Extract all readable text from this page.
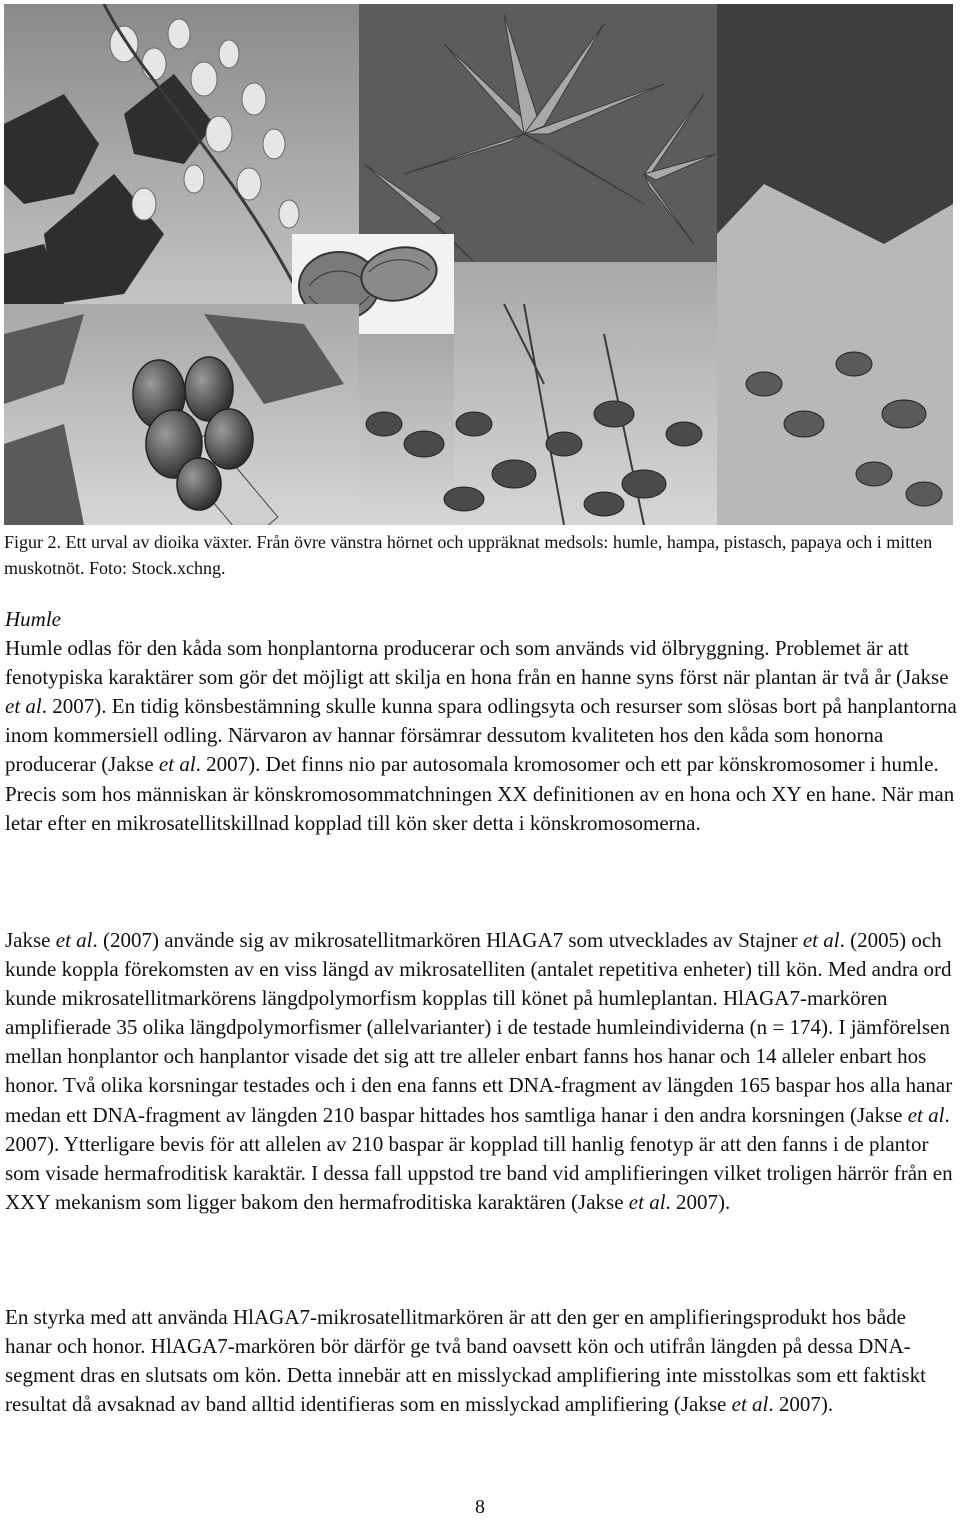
Figur 2. Ett urval av dioika växter. Från övre vänstra hörnet och uppräknat medsols: humle, hampa, pistasch, papaya och i mitten muskotnöt. Foto: Stock.xchng.

Humle

Humle odlas för den kåda som honplantorna producerar och som används vid ölbryggning. Problemet är att fenotypiska karaktärer som gör det möjligt att skilja en hona från en hanne syns först när plantan är två år (Jakse et al. 2007). En tidig könsbestämning skulle kunna spara odlingsyta och resurser som slösas bort på hanplantorna inom kommersiell odling. Närvaron av hannar försämrar dessutom kvaliteten hos den kåda som honorna producerar (Jakse et al. 2007). Det finns nio par autosomala kromosomer och ett par könskromosomer i humle. Precis som hos människan är könskromosommatchningen XX definitionen av en hona och XY en hane. När man letar efter en mikrosatellitskillnad kopplad till kön sker detta i könskromosomerna.

Jakse et al. (2007) använde sig av mikrosatellitmarkören HlAGA7 som utvecklades av Stajner et al. (2005) och kunde koppla förekomsten av en viss längd av mikrosatelliten (antalet repetitiva enheter) till kön. Med andra ord kunde mikrosatellitmarkörens längdpolymorfism kopplas till könet på humleplantan. HlAGA7-markören amplifierade 35 olika längdpolymorfismer (allelvarianter) i de testade humleindividerna (n = 174). I jämförelsen mellan honplantor och hanplantor visade det sig att tre alleler enbart fanns hos hanar och 14 alleler enbart hos honor. Två olika korsningar testades och i den ena fanns ett DNA-fragment av längden 165 baspar hos alla hanar medan ett DNA-fragment av längden 210 baspar hittades hos samtliga hanar i den andra korsningen (Jakse et al. 2007). Ytterligare bevis för att allelen av 210 baspar är kopplad till hanlig fenotyp är att den fanns i de plantor som visade hermafroditisk karaktär. I dessa fall uppstod tre band vid amplifieringen vilket troligen härrör från en XXY mekanism som ligger bakom den hermafroditiska karaktären (Jakse et al. 2007).

En styrka med att använda HlAGA7-mikrosatellitmarkören är att den ger en amplifieringsprodukt hos både hanar och honor. HlAGA7-markören bör därför ge två band oavsett kön och utifrån längden på dessa DNA-segment dras en slutsats om kön. Detta innebär att en misslyckad amplifiering inte misstolkas som ett faktiskt resultat då avsaknad av band alltid identifieras som en misslyckad amplifiering (Jakse et al. 2007).

8
